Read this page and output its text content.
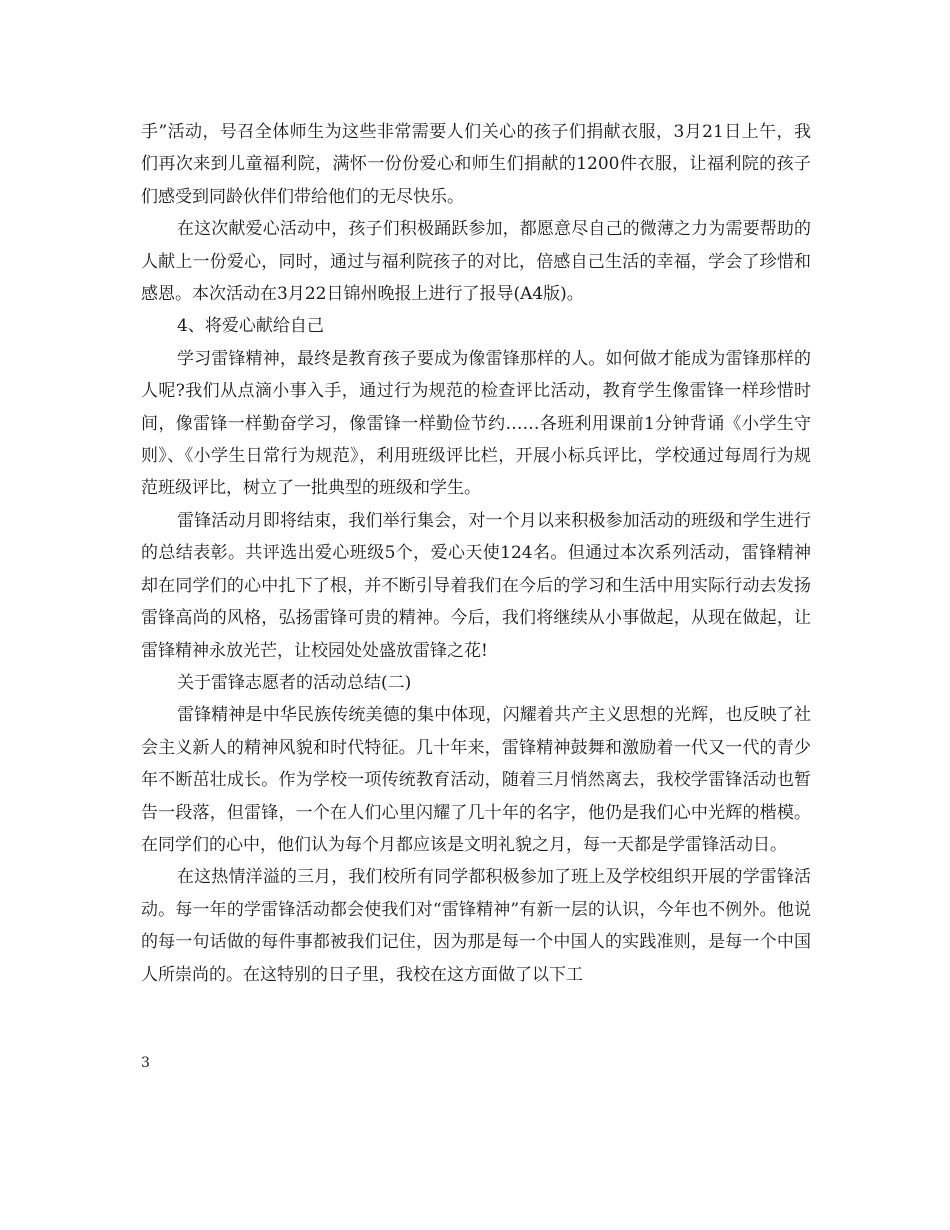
手”活动，号召全体师生为这些非常需要人们关心的孩子们捐献衣服，3月21日上午，我们再次来到儿童福利院，满怀一份份爱心和师生们捐献的1200件衣服，让福利院的孩子们感受到同龄伙伴们带给他们的无尽快乐。

在这次献爱心活动中，孩子们积极踊跃参加，都愿意尽自己的微薄之力为需要帮助的人献上一份爱心，同时，通过与福利院孩子的对比，倍感自己生活的幸福，学会了珍惜和感恩。本次活动在3月22日锦州晚报上进行了报导(A4版)。

4、将爱心献给自己

学习雷锋精神，最终是教育孩子要成为像雷锋那样的人。如何做才能成为雷锋那样的人呢?我们从点滴小事入手，通过行为规范的检查评比活动，教育学生像雷锋一样珍惜时间，像雷锋一样勤奋学习，像雷锋一样勤俭节约……各班利用课前1分钟背诵《小学生守则》、《小学生日常行为规范》，利用班级评比栏，开展小标兵评比，学校通过每周行为规范班级评比，树立了一批典型的班级和学生。

雷锋活动月即将结束，我们举行集会，对一个月以来积极参加活动的班级和学生进行的总结表彰。共评选出爱心班级5个，爱心天使124名。但通过本次系列活动，雷锋精神却在同学们的心中扎下了根，并不断引导着我们在今后的学习和生活中用实际行动去发扬雷锋高尚的风格，弘扬雷锋可贵的精神。今后，我们将继续从小事做起，从现在做起，让雷锋精神永放光芒，让校园处处盛放雷锋之花!

关于雷锋志愿者的活动总结(二)

雷锋精神是中华民族传统美德的集中体现，闪耀着共产主义思想的光辉，也反映了社会主义新人的精神风貌和时代特征。几十年来，雷锋精神鼓舞和激励着一代又一代的青少年不断茁壮成长。作为学校一项传统教育活动，随着三月悄然离去，我校学雷锋活动也暂告一段落，但雷锋，一个在人们心里闪耀了几十年的名字，他仍是我们心中光辉的楷模。在同学们的心中，他们认为每个月都应该是文明礼貌之月，每一天都是学雷锋活动日。

在这热情洋溢的三月，我们校所有同学都积极参加了班上及学校组织开展的学雷锋活动。每一年的学雷锋活动都会使我们对“雷锋精神”有新一层的认识，今年也不例外。他说的每一句话做的每件事都被我们记住，因为那是每一个中国人的实践准则，是每一个中国人所崇尚的。在这特别的日子里，我校在这方面做了以下工

3
